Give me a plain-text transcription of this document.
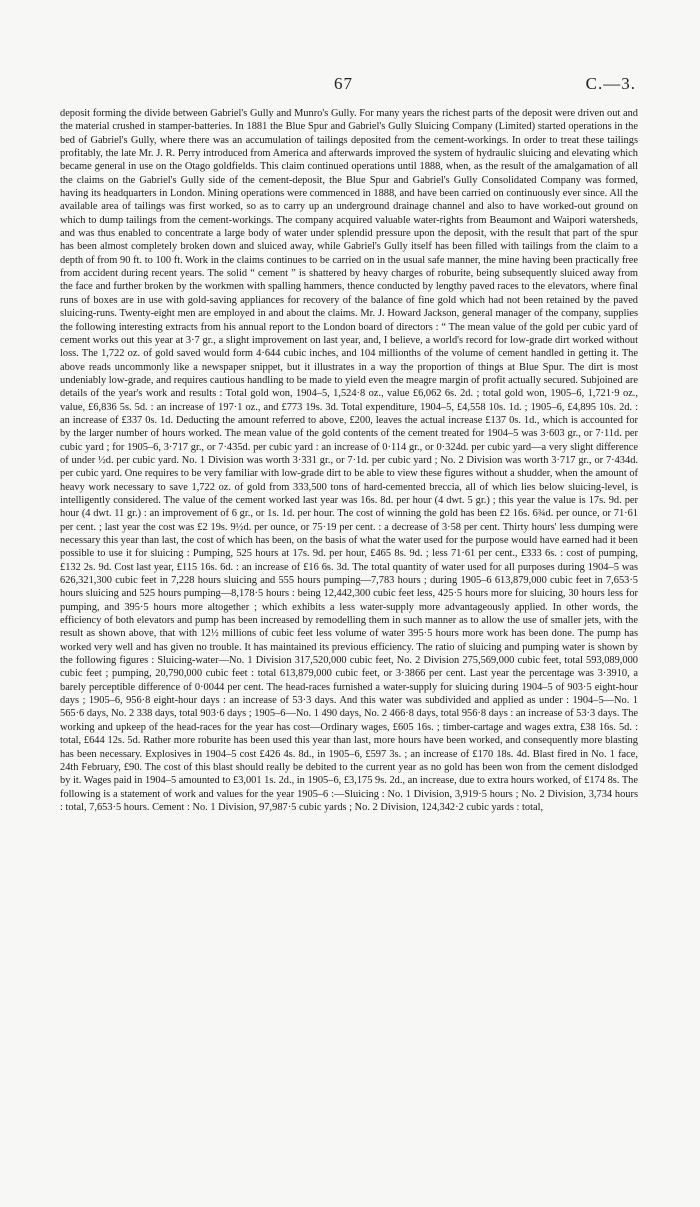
67	C.—3.

deposit forming the divide between Gabriel's Gully and Munro's Gully. For many years the richest parts of the deposit were driven out and the material crushed in stamper-batteries. In 1881 the Blue Spur and Gabriel's Gully Sluicing Company (Limited) started operations in the bed of Gabriel's Gully, where there was an accumulation of tailings deposited from the cement-workings. In order to treat these tailings profitably, the late Mr. J. R. Perry introduced from America and afterwards improved the system of hydraulic sluicing and elevating which became general in use on the Otago goldfields. This claim continued operations until 1888, when, as the result of the amalgamation of all the claims on the Gabriel's Gully side of the cement-deposit, the Blue Spur and Gabriel's Gully Consolidated Company was formed, having its headquarters in London. Mining operations were commenced in 1888, and have been carried on continuously ever since. All the available area of tailings was first worked, so as to carry up an underground drainage channel and also to have worked-out ground on which to dump tailings from the cement-workings. The company acquired valuable water-rights from Beaumont and Waipori watersheds, and was thus enabled to concentrate a large body of water under splendid pressure upon the deposit, with the result that part of the spur has been almost completely broken down and sluiced away, while Gabriel's Gully itself has been filled with tailings from the claim to a depth of from 90 ft. to 100 ft. Work in the claims continues to be carried on in the usual safe manner, the mine having been practically free from accident during recent years. The solid “ cement ” is shattered by heavy charges of roburite, being subsequently sluiced away from the face and further broken by the workmen with spalling hammers, thence conducted by lengthy paved races to the elevators, where final runs of boxes are in use with gold-saving appliances for recovery of the balance of fine gold which had not been retained by the paved sluicing-runs. Twenty-eight men are employed in and about the claims. Mr. J. Howard Jackson, general manager of the company, supplies the following interesting extracts from his annual report to the London board of directors : “ The mean value of the gold per cubic yard of cement works out this year at 3·7 gr., a slight improvement on last year, and, I believe, a world's record for low-grade dirt worked without loss. The 1,722 oz. of gold saved would form 4·644 cubic inches, and 104 millionths of the volume of cement handled in getting it. The above reads uncommonly like a newspaper snippet, but it illustrates in a way the proportion of things at Blue Spur. The dirt is most undeniably low-grade, and requires cautious handling to be made to yield even the meagre margin of profit actually secured. Subjoined are details of the year's work and results : Total gold won, 1904–5, 1,524·8 oz., value £6,062 6s. 2d. ; total gold won, 1905–6, 1,721·9 oz., value, £6,836 5s. 5d. : an increase of 197·1 oz., and £773 19s. 3d. Total expenditure, 1904–5, £4,558 10s. 1d. ; 1905–6, £4,895 10s. 2d. : an increase of £337 0s. 1d. Deducting the amount referred to above, £200, leaves the actual increase £137 0s. 1d., which is accounted for by the larger number of hours worked. The mean value of the gold contents of the cement treated for 1904–5 was 3·603 gr., or 7·11d. per cubic yard ; for 1905–6, 3·717 gr., or 7·435d. per cubic yard : an increase of 0·114 gr., or 0·324d. per cubic yard—a very slight difference of under ½d. per cubic yard. No. 1 Division was worth 3·331 gr., or 7·1d. per cubic yard ; No. 2 Division was worth 3·717 gr., or 7·434d. per cubic yard. One requires to be very familiar with low-grade dirt to be able to view these figures without a shudder, when the amount of heavy work necessary to save 1,722 oz. of gold from 333,500 tons of hard-cemented breccia, all of which lies below sluicing-level, is intelligently considered. The value of the cement worked last year was 16s. 8d. per hour (4 dwt. 5 gr.) ; this year the value is 17s. 9d. per hour (4 dwt. 11 gr.) : an improvement of 6 gr., or 1s. 1d. per hour. The cost of winning the gold has been £2 16s. 6¾d. per ounce, or 71·61 per cent. ; last year the cost was £2 19s. 9½d. per ounce, or 75·19 per cent. : a decrease of 3·58 per cent. Thirty hours' less dumping were necessary this year than last, the cost of which has been, on the basis of what the water used for the purpose would have earned had it been possible to use it for sluicing : Pumping, 525 hours at 17s. 9d. per hour, £465 8s. 9d. ; less 71·61 per cent., £333 6s. : cost of pumping, £132 2s. 9d. Cost last year, £115 16s. 6d. : an increase of £16 6s. 3d. The total quantity of water used for all purposes during 1904–5 was 626,321,300 cubic feet in 7,228 hours sluicing and 555 hours pumping—7,783 hours ; during 1905–6 613,879,000 cubic feet in 7,653·5 hours sluicing and 525 hours pumping—8,178·5 hours : being 12,442,300 cubic feet less, 425·5 hours more for sluicing, 30 hours less for pumping, and 395·5 hours more altogether ; which exhibits a less water-supply more advantageously applied. In other words, the efficiency of both elevators and pump has been increased by remodelling them in such manner as to allow the use of smaller jets, with the result as shown above, that with 12½ millions of cubic feet less volume of water 395·5 hours more work has been done. The pump has worked very well and has given no trouble. It has maintained its previous efficiency. The ratio of sluicing and pumping water is shown by the following figures : Sluicing-water—No. 1 Division 317,520,000 cubic feet, No. 2 Division 275,569,000 cubic feet, total 593,089,000 cubic feet ; pumping, 20,790,000 cubic feet : total 613,879,000 cubic feet, or 3·3866 per cent. Last year the percentage was 3·3910, a barely perceptible difference of 0·0044 per cent. The head-races furnished a water-supply for sluicing during 1904–5 of 903·5 eight-hour days ; 1905–6, 956·8 eight-hour days : an increase of 53·3 days. And this water was subdivided and applied as under : 1904–5—No. 1 565·6 days, No. 2 338 days, total 903·6 days ; 1905–6—No. 1 490 days, No. 2 466·8 days, total 956·8 days : an increase of 53·3 days. The working and upkeep of the head-races for the year has cost—Ordinary wages, £605 16s. ; timber-cartage and wages extra, £38 16s. 5d. : total, £644 12s. 5d. Rather more roburite has been used this year than last, more hours have been worked, and consequently more blasting has been necessary. Explosives in 1904–5 cost £426 4s. 8d., in 1905–6, £597 3s. ; an increase of £170 18s. 4d. Blast fired in No. 1 face, 24th February, £90. The cost of this blast should really be debited to the current year as no gold has been won from the cement dislodged by it. Wages paid in 1904–5 amounted to £3,001 1s. 2d., in 1905–6, £3,175 9s. 2d., an increase, due to extra hours worked, of £174 8s. The following is a statement of work and values for the year 1905–6 :—Sluicing : No. 1 Division, 3,919·5 hours ; No. 2 Division, 3,734 hours : total, 7,653·5 hours. Cement : No. 1 Division, 97,987·5 cubic yards ; No. 2 Division, 124,342·2 cubic yards : total,
